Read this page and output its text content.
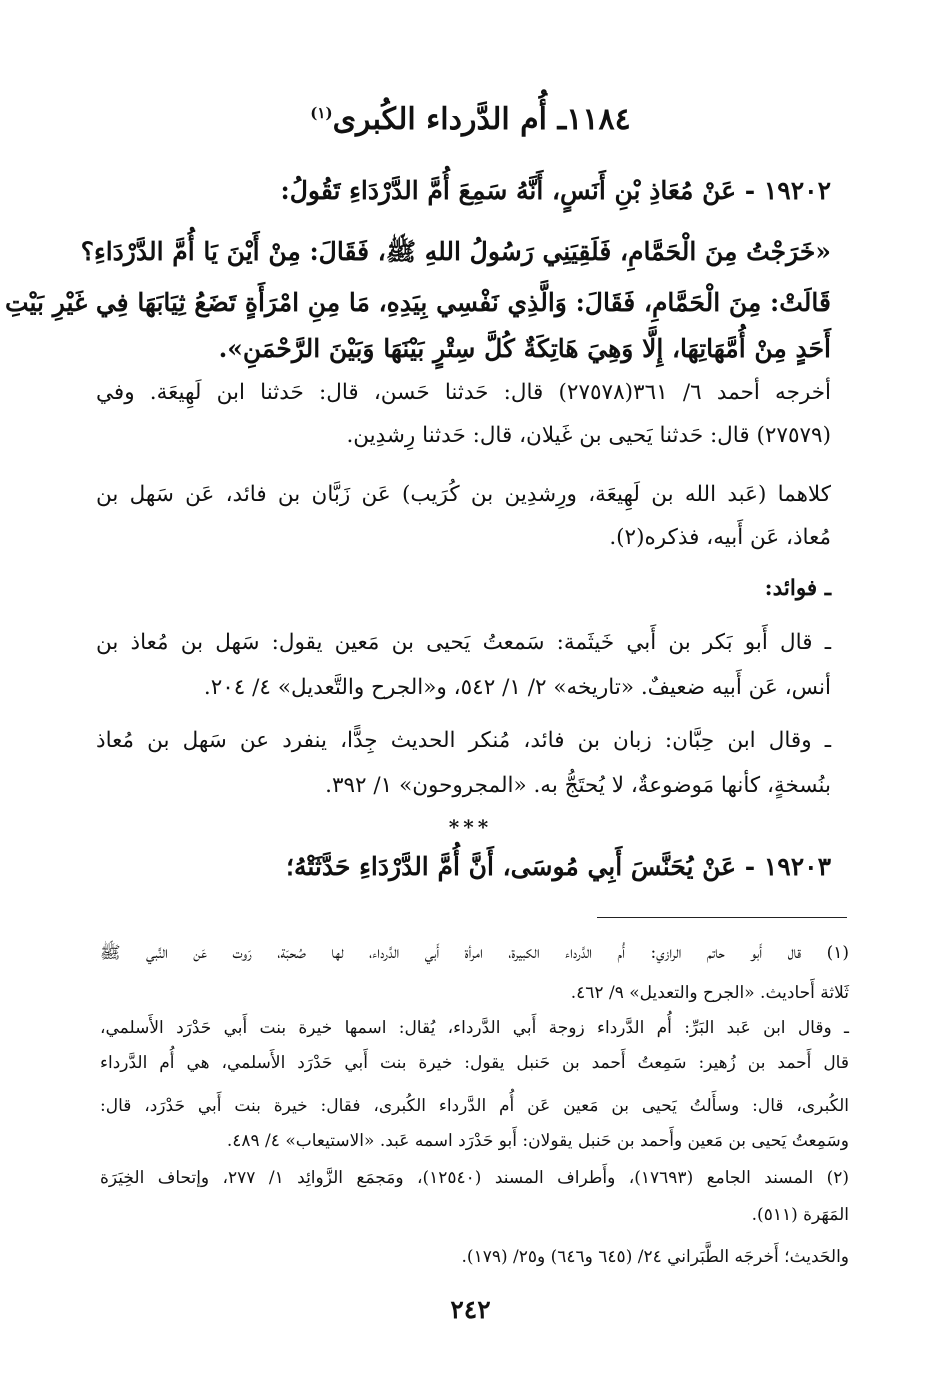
١١٨٤ـ أُم الدَّرداء الكُبرى$^{(١)}$
١٩٢٠٢ - عَنْ مُعَاذِ بْنِ أَنَسٍ، أَنَّهُ سَمِعَ أُمَّ الدَّرْدَاءِ تَقُولُ:
«خَرَجْتُ مِنَ الْحَمَّامِ، فَلَقِيَنِي رَسُولُ اللهِ ﷺ، فَقَالَ: مِنْ أَيْنَ يَا أُمَّ الدَّرْدَاءِ؟
قَالَتْ: مِنَ الْحَمَّامِ، فَقَالَ: وَالَّذِي نَفْسِي بِيَدِهِ، مَا مِنِ امْرَأَةٍ تَضَعُ ثِيَابَهَا فِي غَيْرِ بَيْتِ
أَحَدٍ مِنْ أُمَّهَاتِهَا، إِلَّا وَهِيَ هَاتِكَةٌ كُلَّ سِتْرٍ بَيْنَهَا وَبَيْنَ الرَّحْمَنِ».
أخرجه أحمد ٦/ ٣٦١(٢٧٥٧٨) قال: حَدثنا حَسن، قال: حَدثنا ابن لَهِيعَة. وفي
(٢٧٥٧٩) قال: حَدثنا يَحيى بن غَيلان، قال: حَدثنا رِشدِين.
كلاهما (عَبد الله بن لَهِيعَة، ورِشدِين بن كُرَيب) عَن زَبَّان بن فائد، عَن سَهل بن
مُعاذ، عَن أَبيه، فذكره(٢).
ـ فوائد:
ـ قال أَبو بَكر بن أَبي خَيثَمة: سَمعتُ يَحيى بن مَعين يقول: سَهل بن مُعاذ بن
أنس، عَن أَبيه ضعيفٌ. «تاريخه» ٢/ ١/ ٥٤٢، و«الجرح والتَّعديل» ٤/ ٢٠٤.
ـ وقال ابن حِبَّان: زبان بن فائد، مُنكر الحديث جِدًّا، ينفرد عن سَهل بن مُعاذ
بنُسخةٍ، كأنها مَوضوعةٌ، لا يُحتَجُّ به. «المجروحون» ١/ ٣٩٢.
***
١٩٢٠٣ - عَنْ يُحَنَّسَ أَبِي مُوسَى، أَنَّ أُمَّ الدَّرْدَاءِ حَدَّثَتْهُ؛
(١) قال أَبو حاتم الرازي: أُم الدَّرداء الكبيرة، امرأة أَبي الدَّرداء، لها صُحبَة، رَوت عَن النَّبي ﷺ
ثَلاثة أَحاديث. «الجرح والتعديل» ٩/ ٤٦٢.
ـ وقال ابن عَبد البَرِّ: أُم الدَّرداء زوجة أَبي الدَّرداء، يُقال: اسمها خيرة بنت أَبي حَدْرَد الأَسلمي،
قال أَحمد بن زُهير: سَمِعتُ أَحمد بن حَنبل يقول: خيرة بنت أَبي حَدْرَد الأَسلمي، هي أُم الدَّرداء
الكُبرى، قال: وسأَلتُ يَحيى بن مَعين عَن أُم الدَّرداء الكُبرى، فقال: خيرة بنت أَبي حَدْرَد، قال:
وسَمِعتُ يَحيى بن مَعين وأَحمد بن حَنبل يقولان: أَبو حَدْرَد اسمه عَبد. «الاستيعاب» ٤/ ٤٨٩.
(٢) المسند الجامع (١٧٦٩٣)، وأَطراف المسند (١٢٥٤٠)، ومَجمَع الزَّوائِد ١/ ٢٧٧، وإتحاف الخِيَرَة
المَهَرة (٥١١).
والحَديث؛ أَخرجَه الطَّبَراني ٢٤/ (٦٤٥ و٦٤٦) و٢٥/ (١٧٩).
٢٤٢
